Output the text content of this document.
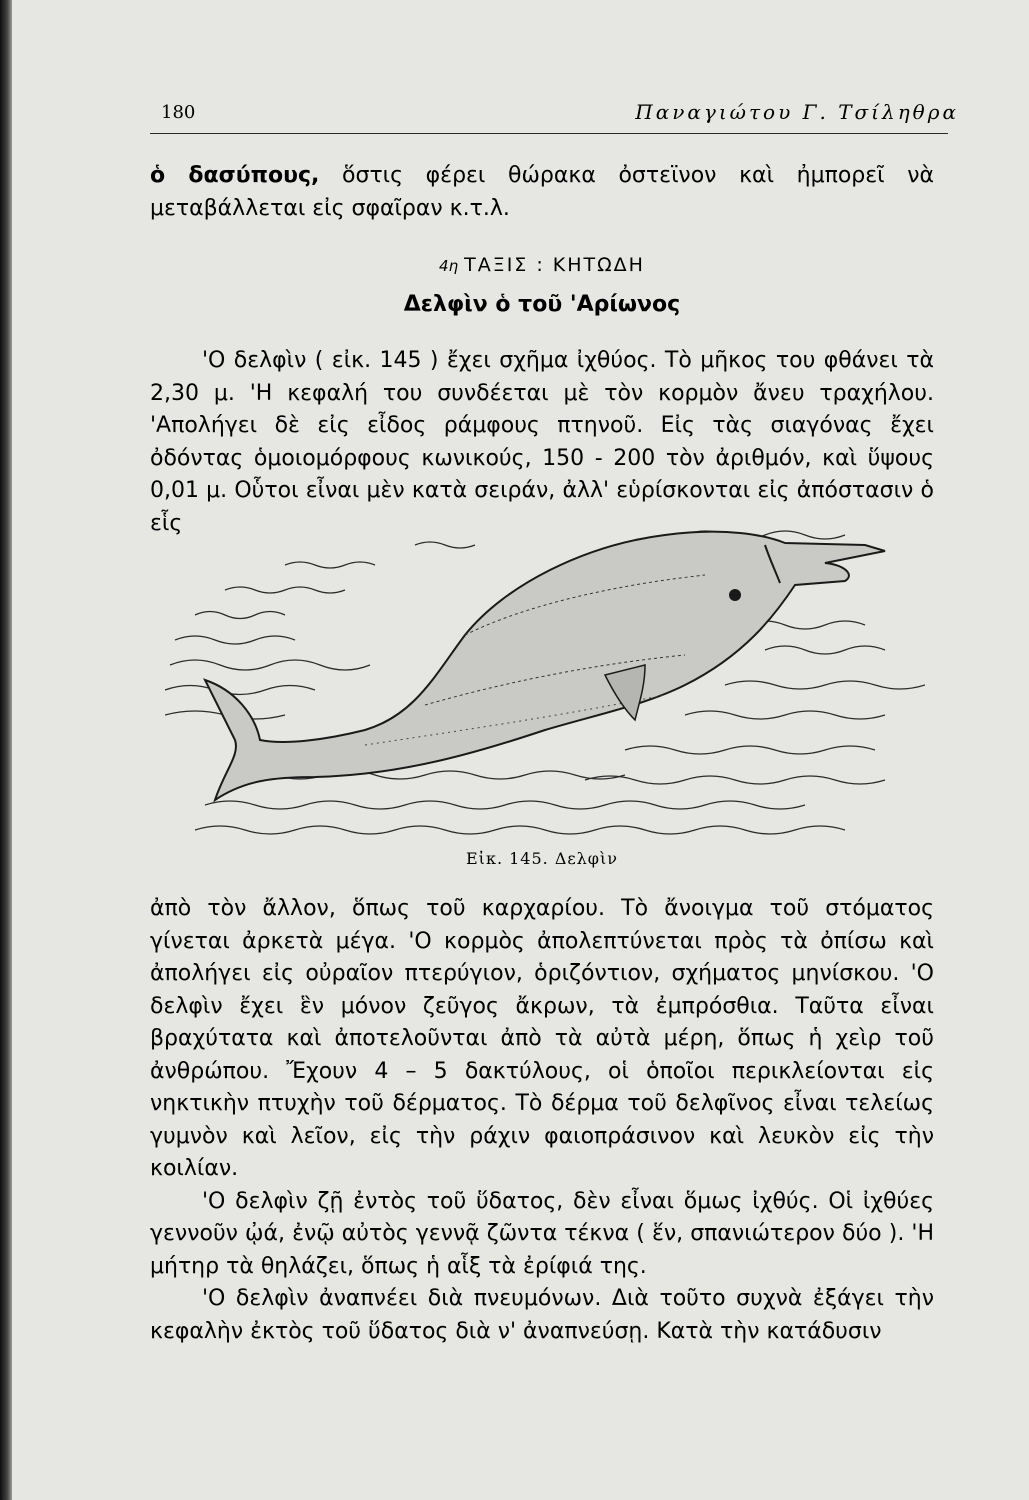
180	Παναγιώτου Γ. Τσίληθρα

ὁ δασύπους, ὅστις φέρει θώρακα ὀστεϊνον καὶ ἠμπορεῖ νὰ μεταβάλλεται εἰς σφαῖραν κ.τ.λ.

4η ΤΑΞΙΣ : ΚΗΤΩΔΗ
Δελφὶν ὁ τοῦ 'Αρίωνος

'Ο δελφὶν ( εἰκ. 145 ) ἔχει σχῆμα ἰχθύος. Τὸ μῆκος του φθάνει τὰ 2,30 μ. 'Η κεφαλή του συνδέεται μὲ τὸν κορμὸν ἄνευ τραχήλου. 'Απολήγει δὲ εἰς εἶδος ράμφους πτηνοῦ. Εἰς τὰς σιαγόνας ἔχει ὀδόντας ὁμοιομόρφους κωνικούς, 150 - 200 τὸν ἀριθμόν, καὶ ὕψους 0,01 μ. Οὗτοι εἶναι μὲν κατὰ σειράν, ἀλλ' εὑρίσκονται εἰς ἀπόστασιν ὁ εἷς

Εἰκ. 145. Δελφὶν

ἀπὸ τὸν ἄλλον, ὅπως τοῦ καρχαρίου. Τὸ ἄνοιγμα τοῦ στόματος γίνεται ἀρκετὰ μέγα. 'Ο κορμὸς ἀπολεπτύνεται πρὸς τὰ ὀπίσω καὶ ἀπολήγει εἰς οὐραῖον πτερύγιον, ὁριζόντιον, σχήματος μηνίσκου. 'Ο δελφὶν ἔχει ἓν μόνον ζεῦγος ἄκρων, τὰ ἐμπρόσθια. Ταῦτα εἶναι βραχύτατα καὶ ἀποτελοῦνται ἀπὸ τὰ αὐτὰ μέρη, ὅπως ἡ χεὶρ τοῦ ἀνθρώπου. Ἔχουν 4 – 5 δακτύλους, οἱ ὁποῖοι περικλείονται εἰς νηκτικὴν πτυχὴν τοῦ δέρματος. Τὸ δέρμα τοῦ δελφῖνος εἶναι τελείως γυμνὸν καὶ λεῖον, εἰς τὴν ράχιν φαιοπράσινον καὶ λευκὸν εἰς τὴν κοιλίαν.

'Ο δελφὶν ζῇ ἐντὸς τοῦ ὕδατος, δὲν εἶναι ὅμως ἰχθύς. Οἱ ἰχθύες γεννοῦν ᾠά, ἐνῷ αὐτὸς γεννᾷ ζῶντα τέκνα ( ἕν, σπανιώτερον δύο ). 'Η μήτηρ τὰ θηλάζει, ὅπως ἡ αἷξ τὰ ἐρίφιά της.

'Ο δελφὶν ἀναπνέει διὰ πνευμόνων. Διὰ τοῦτο συχνὰ ἐξάγει τὴν κεφαλὴν ἐκτὸς τοῦ ὕδατος διὰ ν' ἀναπνεύσῃ. Κατὰ τὴν κατάδυσιν
